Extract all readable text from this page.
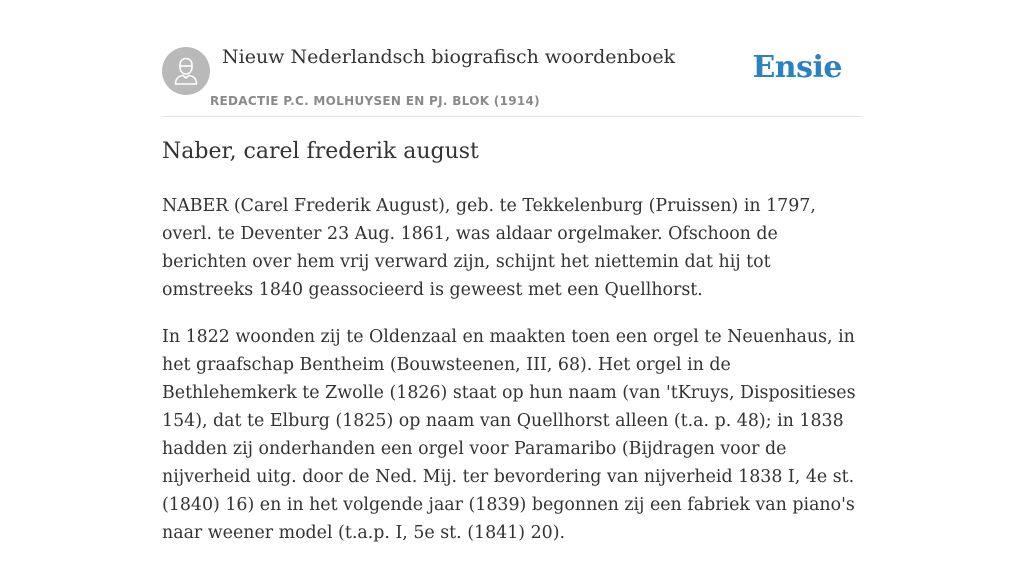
Nieuw Nederlandsch biografisch woordenboek
REDACTIE P.C. MOLHUYSEN EN PJ. BLOK (1914)
Ensie
Naber, carel frederik august

NABER (Carel Frederik August), geb. te Tekkelenburg (Pruissen) in 1797, overl. te Deventer 23 Aug. 1861, was aldaar orgelmaker. Ofschoon de berichten over hem vrij verward zijn, schijnt het niettemin dat hij tot omstreeks 1840 geassocieerd is geweest met een Quellhorst.

In 1822 woonden zij te Oldenzaal en maakten toen een orgel te Neuenhaus, in het graafschap Bentheim (Bouwsteenen, III, 68). Het orgel in de Bethlehemkerk te Zwolle (1826) staat op hun naam (van 'tKruys, Dispositieses 154), dat te Elburg (1825) op naam van Quellhorst alleen (t.a. p. 48); in 1838 hadden zij onderhanden een orgel voor Paramaribo (Bijdragen voor de nijverheid uitg. door de Ned. Mij. ter bevordering van nijverheid 1838 I, 4e st. (1840) 16) en in het volgende jaar (1839) begonnen zij een fabriek van piano's naar weener model (t.a.p. I, 5e st. (1841) 20).
